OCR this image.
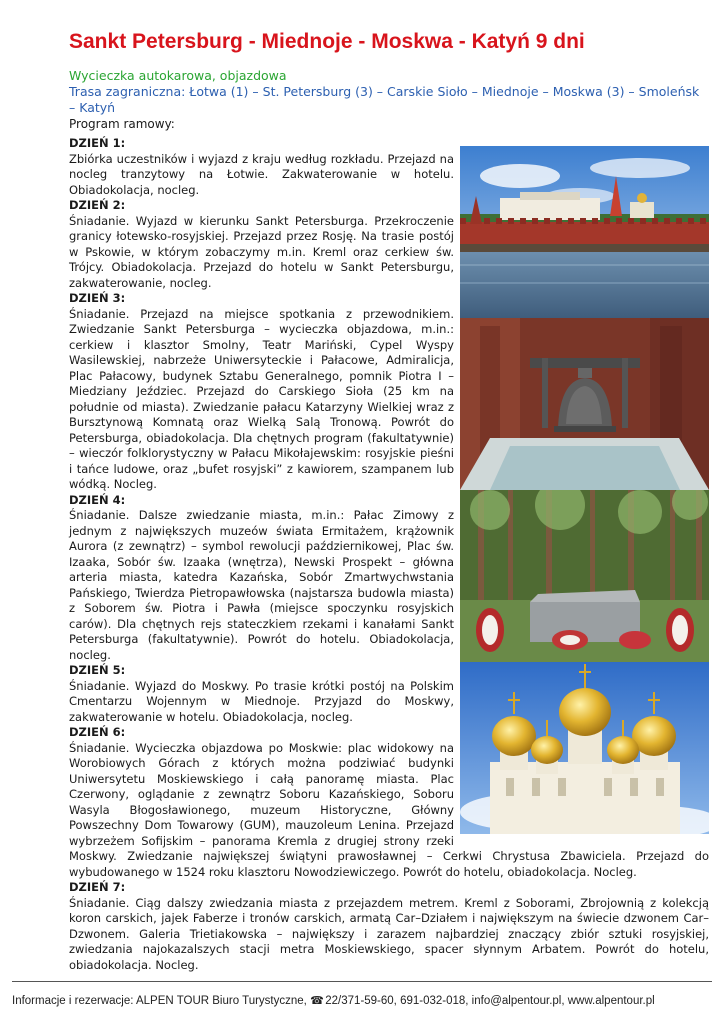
Sankt Petersburg - Miednoje - Moskwa - Katyń 9 dni

Wycieczka autokarowa, objazdowa

Trasa zagraniczna: Łotwa (1) – St. Petersburg (3) – Carskie Sioło – Miednoje – Moskwa (3) – Smoleńsk – Katyń

Program ramowy:
DZIEŃ 1:
Zbiórka uczestników i wyjazd z kraju według rozkładu. Przejazd na nocleg tranzytowy na Łotwie. Zakwaterowanie w hotelu. Obiadokolacja, nocleg.
DZIEŃ 2:
Śniadanie. Wyjazd w kierunku Sankt Petersburga. Przekroczenie granicy łotewsko-rosyjskiej. Przejazd przez Rosję. Na trasie postój w Pskowie, w którym zobaczymy m.in. Kreml oraz cerkiew św. Trójcy. Obiadokolacja. Przejazd do hotelu w Sankt Petersburgu, zakwaterowanie, nocleg.
DZIEŃ 3:
Śniadanie. Przejazd na miejsce spotkania z przewodnikiem. Zwiedzanie Sankt Petersburga – wycieczka objazdowa, m.in.: cerkiew i klasztor Smolny, Teatr Mariński, Cypel Wyspy Wasilewskiej, nabrzeże Uniwersyteckie i Pałacowe, Admiralicja, Plac Pałacowy, budynek Sztabu Generalnego, pomnik Piotra I – Miedziany Jeździec. Przejazd do Carskiego Sioła (25 km na południe od miasta). Zwiedzanie pałacu Katarzyny Wielkiej wraz z Bursztynową Komnatą oraz Wielką Salą Tronową. Powrót do Petersburga, obiadokolacja. Dla chętnych program (fakultatywnie) – wieczór folklorystyczny w Pałacu Mikołajewskim: rosyjskie pieśni i tańce ludowe, oraz „bufet rosyjski” z kawiorem, szampanem lub wódką. Nocleg.
DZIEŃ 4:
Śniadanie. Dalsze zwiedzanie miasta, m.in.: Pałac Zimowy z jednym z największych muzeów świata Ermitażem, krążownik Aurora (z zewnątrz) – symbol rewolucji październikowej, Plac św. Izaaka, Sobór św. Izaaka (wnętrza), Newski Prospekt – główna arteria miasta, katedra Kazańska, Sobór Zmartwychwstania Pańskiego, Twierdza Pietropawłowska (najstarsza budowla miasta) z Soborem św. Piotra i Pawła (miejsce spoczynku rosyjskich carów). Dla chętnych rejs stateczkiem rzekami i kanałami Sankt Petersburga (fakultatywnie). Powrót do hotelu. Obiadokolacja, nocleg.
DZIEŃ 5:
Śniadanie. Wyjazd do Moskwy. Po trasie krótki postój na Polskim Cmentarzu Wojennym w Miednoje. Przyjazd do Moskwy, zakwaterowanie w hotelu. Obiadokolacja, nocleg.
DZIEŃ 6:
Śniadanie. Wycieczka objazdowa po Moskwie: plac widokowy na Worobiowych Górach z których można podziwiać budynki Uniwersytetu Moskiewskiego i całą panoramę miasta. Plac Czerwony, oglądanie z zewnątrz Soboru Kazańskiego, Soboru Wasyla Błogosławionego, muzeum Historyczne, Główny Powszechny Dom Towarowy (GUM), mauzoleum Lenina. Przejazd wybrzeżem Sofijskim – panorama Kremla z drugiej strony rzeki Moskwy. Zwiedzanie największej świątyni prawosławnej – Cerkwi Chrystusa Zbawiciela. Przejazd do wybudowanego w 1524 roku klasztoru Nowodziewiczego. Powrót do hotelu, obiadokolacja. Nocleg.
DZIEŃ 7:
Śniadanie. Ciąg dalszy zwiedzania miasta z przejazdem metrem. Kreml z Soborami, Zbrojownią z kolekcją koron carskich, jajek Faberze i tronów carskich, armatą Car–Działem i największym na świecie dzwonem Car–Dzwonem. Galeria Trietiakowska – największy i zarazem najbardziej znaczący zbiór sztuki rosyjskiej, zwiedzania najokazalszych stacji metra Moskiewskiego, spacer słynnym Arbatem. Powrót do hotelu, obiadokolacja. Nocleg.
Informacje i rezerwacje: ALPEN TOUR Biuro Turystyczne, ☎ 22/371-59-60, 691-032-018, info@alpentour.pl, www.alpentour.pl
